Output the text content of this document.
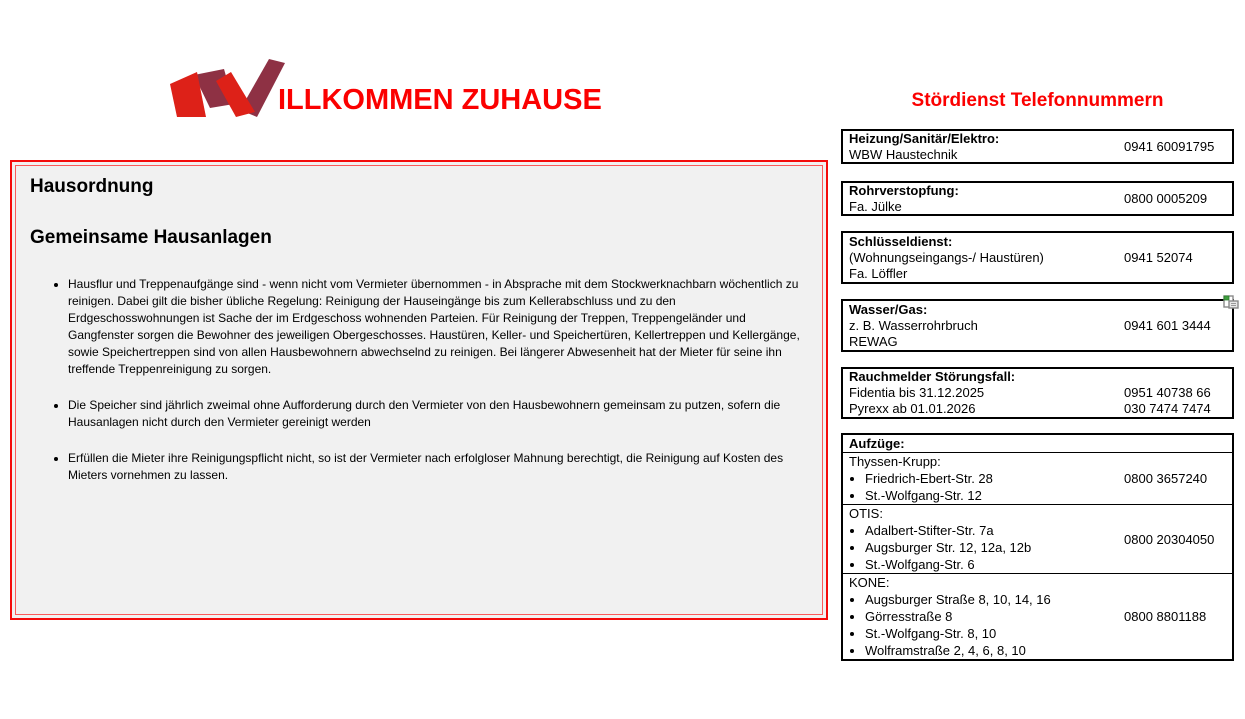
ILLKOMMEN ZUHAUSE
Hausordnung
Gemeinsame Hausanlagen
• Hausflur und Treppenaufgänge sind - wenn nicht vom Vermieter übernommen - in Absprache mit dem Stockwerknachbarn wöchentlich zu reinigen. Dabei gilt die bisher übliche Regelung: Reinigung der Hauseingänge bis zum Kellerabschluss und zu den Erdgeschosswohnungen ist Sache der im Erdgeschoss wohnenden Parteien. Für Reinigung der Treppen, Treppengeländer und Gangfenster sorgen die Bewohner des jeweiligen Obergeschosses. Haustüren, Keller- und Speichertüren, Kellertreppen und Kellergänge, sowie Speichertreppen sind von allen Hausbewohnern abwechselnd zu reinigen. Bei längerer Abwesenheit hat der Mieter für seine ihn treffende Treppenreinigung zu sorgen.
• Die Speicher sind jährlich zweimal ohne Aufforderung durch den Vermieter von den Hausbewohnern gemeinsam zu putzen, sofern die Hausanlagen nicht durch den Vermieter gereinigt werden
• Erfüllen die Mieter ihre Reinigungspflicht nicht, so ist der Vermieter nach erfolgloser Mahnung berechtigt, die Reinigung auf Kosten des Mieters vornehmen zu lassen.
Stördienst Telefonnummern
Heizung/Sanitär/Elektro:
WBW Haustechnik
0941 60091795
Rohrverstopfung:
Fa. Jülke
0800 0005209
Schlüsseldienst:
(Wohnungseingangs-/ Haustüren)
Fa. Löffler
0941 52074
Wasser/Gas:
z. B. Wasserrohrbruch
REWAG
0941 601 3444
Rauchmelder Störungsfall:
Fidentia bis 31.12.2025	0951 40738 66
Pyrexx ab 01.01.2026	030 7474 7474
Aufzüge:
Thyssen-Krupp:
• Friedrich-Ebert-Str. 28
• St.-Wolfgang-Str. 12
0800 3657240
OTIS:
• Adalbert-Stifter-Str. 7a
• Augsburger Str. 12, 12a, 12b
• St.-Wolfgang-Str. 6
0800 20304050
KONE:
• Augsburger Straße 8, 10, 14, 16
• Görresstraße 8
• St.-Wolfgang-Str. 8, 10
• Wolframstraße 2, 4, 6, 8, 10
0800 8801188
